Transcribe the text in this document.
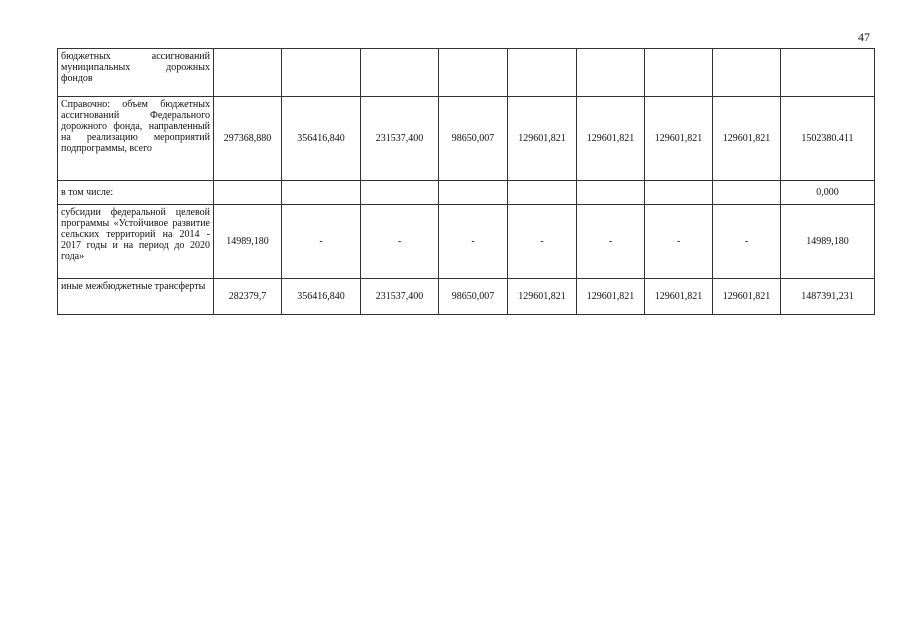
47
бюджетных ассигнований муниципальных дорожных фондов									

Справочно: объем бюджетных ассигнований Федерального дорожного фонда, направленный на реализацию мероприятий подпрограммы, всего	297368,880	356416,840	231537,400	98650,007	129601,821	129601,821	129601,821	129601,821	1502380.411

в том числе:									0,000

субсидии федеральной целевой программы «Устойчивое развитие сельских территорий на 2014 - 2017 годы и на период до 2020 года»	14989,180	-	-	-	-	-	-	-	14989,180

иные межбюджетные трансферты	282379,7	356416,840	231537,400	98650,007	129601,821	129601,821	129601,821	129601,821	1487391,231
